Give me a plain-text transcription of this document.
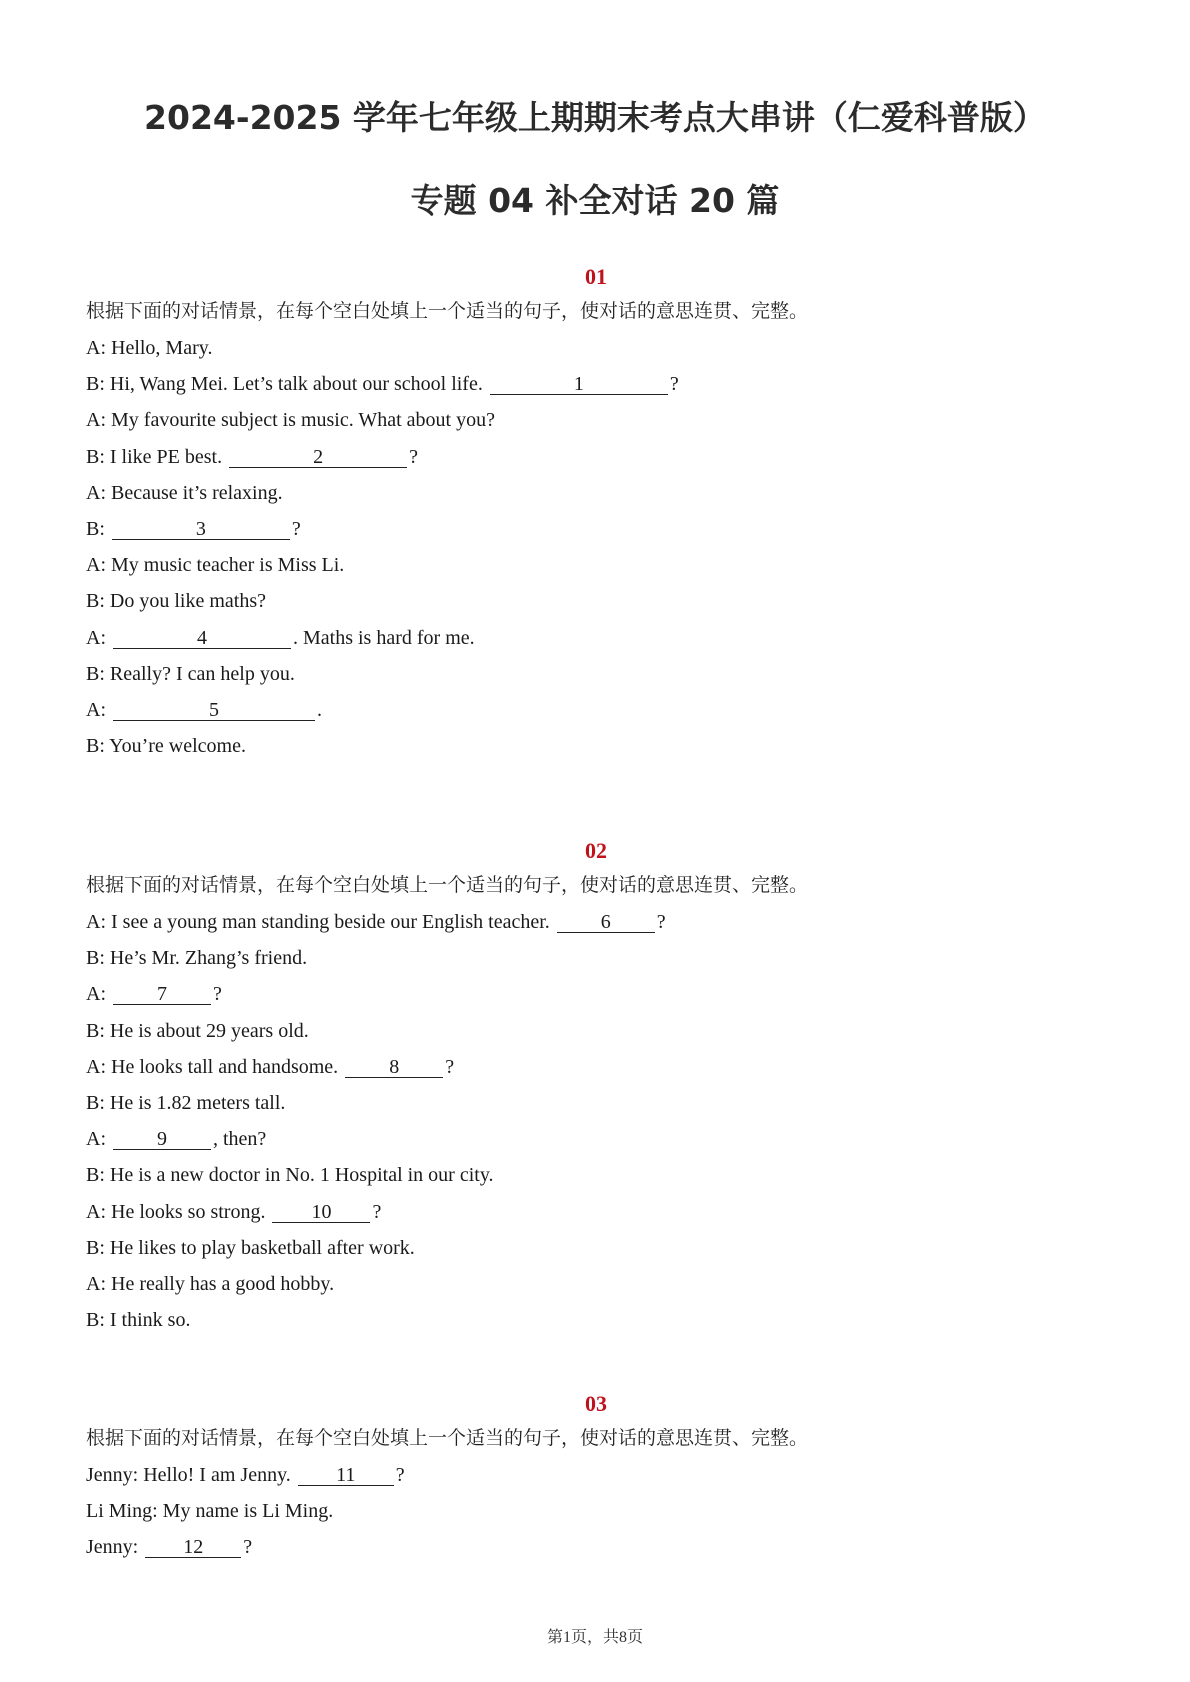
2024-2025 学年七年级上期期末考点大串讲（仁爱科普版）
专题 04 补全对话 20 篇
01
根据下面的对话情景，在每个空白处填上一个适当的句子，使对话的意思连贯、完整。
A: Hello, Mary.
B: Hi, Wang Mei. Let’s talk about our school life.	1	?
A: My favourite subject is music. What about you?
B: I like PE best.	2	?
A: Because it’s relaxing.
B:	3	?
A: My music teacher is Miss Li.
B: Do you like maths?
A:	4	. Maths is hard for me.
B: Really? I can help you.
A:	5	.
B: You’re welcome.
02
根据下面的对话情景，在每个空白处填上一个适当的句子，使对话的意思连贯、完整。
A: I see a young man standing beside our English teacher. 6 ?
B: He’s Mr. Zhang’s friend.
A: 7 ?
B: He is about 29 years old.
A: He looks tall and handsome. 8 ?
B: He is 1.82 meters tall.
A: 9 , then?
B: He is a new doctor in No. 1 Hospital in our city.
A: He looks so strong. 10 ?
B: He likes to play basketball after work.
A: He really has a good hobby.
B: I think so.
03
根据下面的对话情景，在每个空白处填上一个适当的句子，使对话的意思连贯、完整。
Jenny: Hello! I am Jenny. 11 ?
Li Ming: My name is Li Ming.
Jenny: 12 ?
第1页，共8页
